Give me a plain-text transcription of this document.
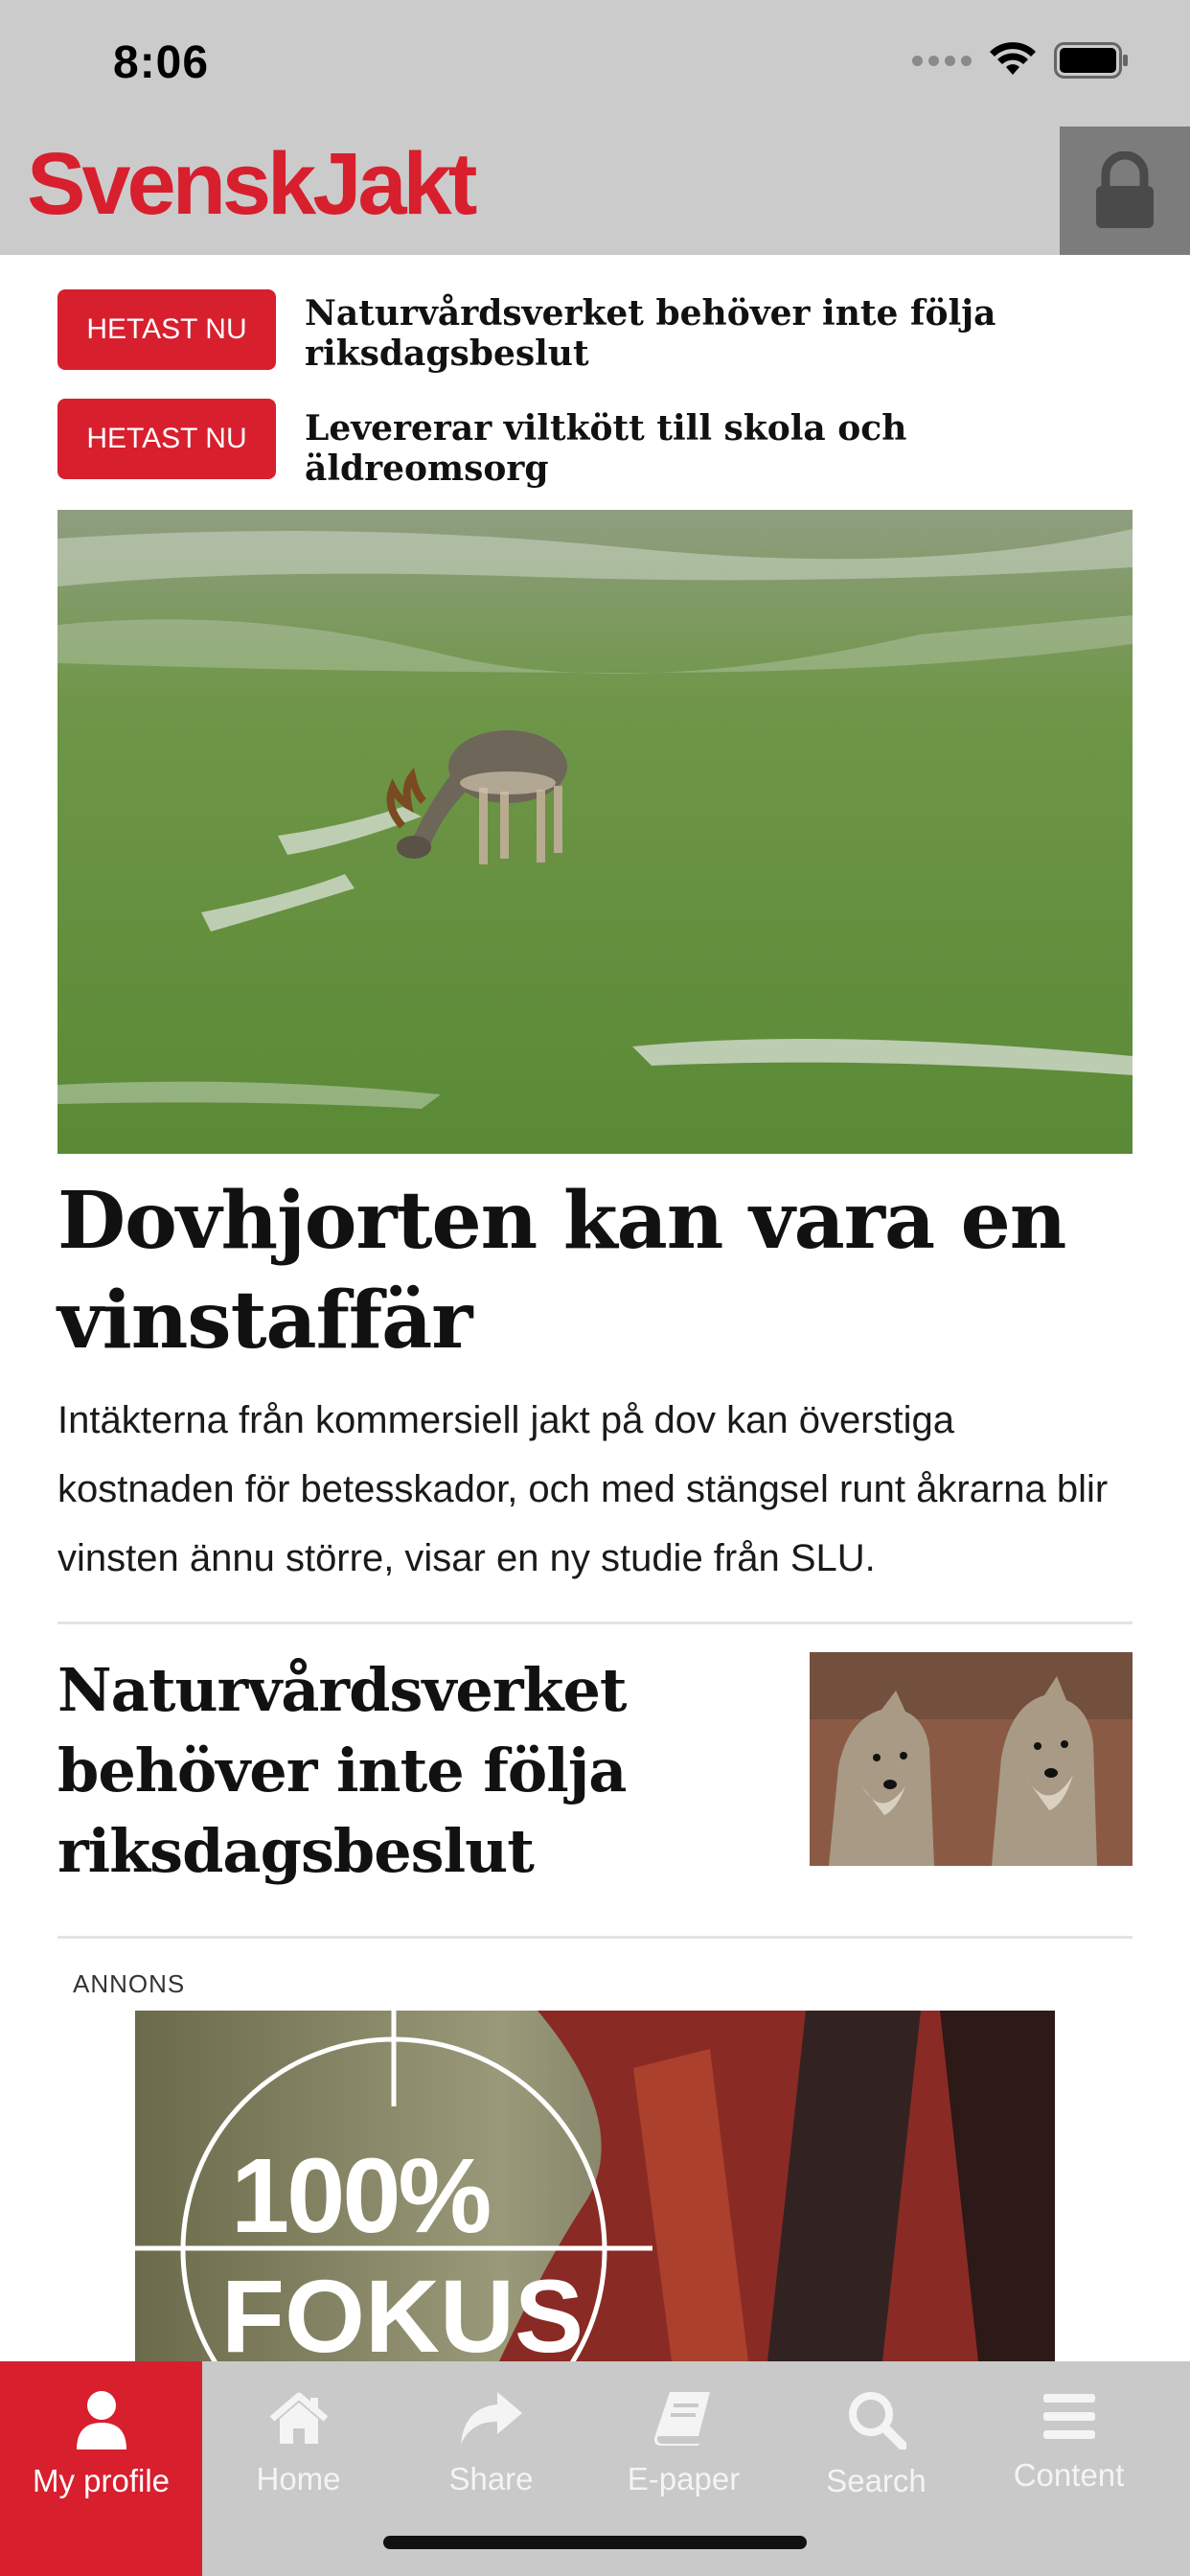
8:06
SvenskJakt
HETAST NU	Naturvårdsverket behöver inte följa riksdagsbeslut
HETAST NU	Levererar viltkött till skola och äldreomsorg
Dovhjorten kan vara en vinstaffär
Intäkterna från kommersiell jakt på dov kan överstiga kostnaden för betesskador, och med stängsel runt åkrarna blir vinsten ännu större, visar en ny studie från SLU.
Naturvårdsverket behöver inte följa riksdagsbeslut
ANNONS
100%
FOKUS
My profile	Home	Share	E-paper	Search	Content
